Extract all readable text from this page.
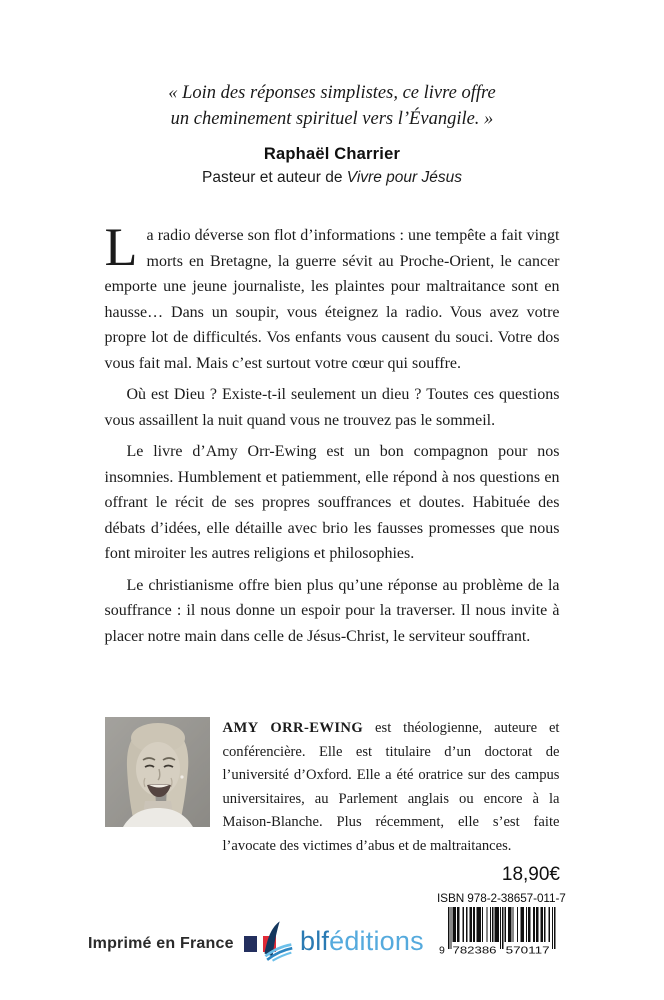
« Loin des réponses simplistes, ce livre offre
un cheminement spirituel vers l’Évangile. »
Raphaël Charrier
Pasteur et auteur de Vivre pour Jésus

La radio déverse son flot d’informations : une tempête a fait vingt morts en Bretagne, la guerre sévit au Proche-Orient, le cancer emporte une jeune journaliste, les plaintes pour maltraitance sont en hausse… Dans un soupir, vous éteignez la radio. Vous avez votre propre lot de difficultés. Vos enfants vous causent du souci. Votre dos vous fait mal. Mais c’est surtout votre cœur qui souffre.

Où est Dieu ? Existe-t-il seulement un dieu ? Toutes ces questions vous assaillent la nuit quand vous ne trouvez pas le sommeil.

Le livre d’Amy Orr-Ewing est un bon compagnon pour nos insomnies. Humblement et patiemment, elle répond à nos questions en offrant le récit de ses propres souffrances et doutes. Habituée des débats d’idées, elle détaille avec brio les fausses promesses que nous font miroiter les autres religions et philosophies.

Le christianisme offre bien plus qu’une réponse au problème de la souffrance : il nous donne un espoir pour la traverser. Il nous invite à placer notre main dans celle de Jésus-Christ, le serviteur souffrant.

AMY ORR-EWING est théologienne, auteure et conférencière. Elle est titulaire d’un doctorat de l’université d’Oxford. Elle a été oratrice sur des campus universitaires, au Parlement anglais ou encore à la Maison-Blanche. Plus récemment, elle s’est faite l’avocate des victimes d’abus et de maltraitances.
18,90€
ISBN 978-2-38657-011-7
9 782386 570117
Imprimé en France blféditions
